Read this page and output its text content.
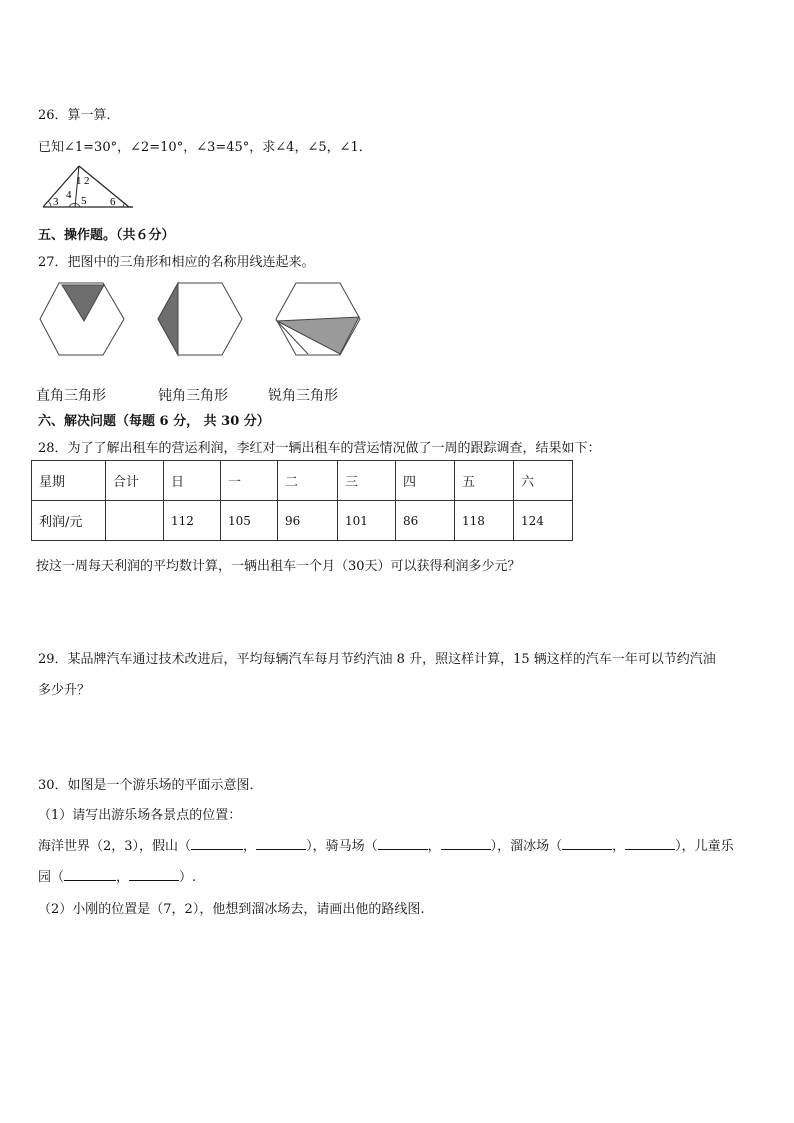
26．算一算．
已知∠1=30°，∠2=10°，∠3=45°，求∠4，∠5，∠1．
1 2
3
4 5 6
五、操作题。（共６分）
27．把图中的三角形和相应的名称用线连起来。
直角三角形	钝角三角形	锐角三角形
六、解决问题（每题 6 分， 共 30 分）
28．为了了解出租车的营运利润，李红对一辆出租车的营运情况做了一周的跟踪调查，结果如下：
星期	合计	日	一	二	三	四	五	六
利润/元		112	105	96	101	86	118	124
按这一周每天利润的平均数计算，一辆出租车一个月（30天）可以获得利润多少元？
29．某品牌汽车通过技术改进后，平均每辆汽车每月节约汽油 8 升，照这样计算，15 辆这样的汽车一年可以节约汽油
多少升？
30．如图是一个游乐场的平面示意图．
（1）请写出游乐场各景点的位置：
海洋世界（2，3），假山（	，	），骑马场（	，	），溜冰场（	，	），儿童乐
园（	，	）.
（2）小刚的位置是（7，2），他想到溜冰场去，请画出他的路线图.
